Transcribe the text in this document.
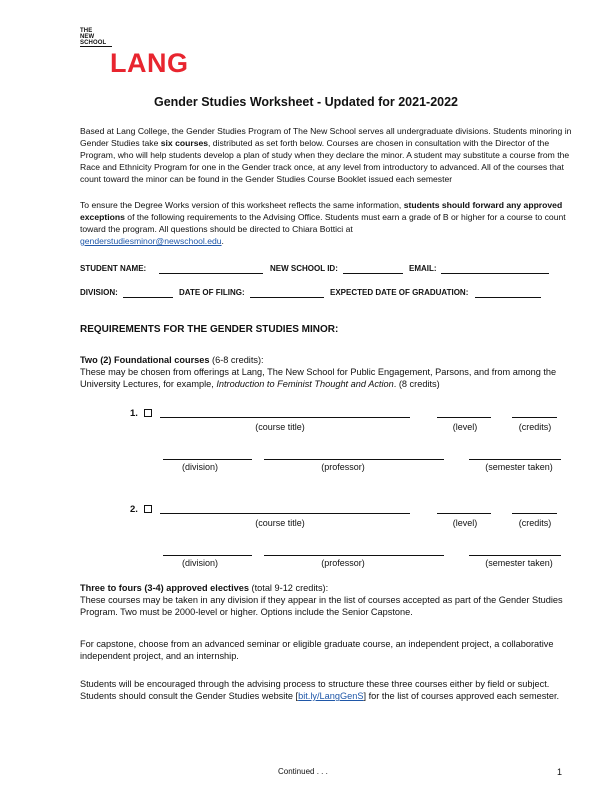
THE
NEW
SCHOOL
LANG
Gender Studies Worksheet - Updated for 2021-2022
Based at Lang College, the Gender Studies Program of The New School serves all undergraduate divisions. Students minoring in Gender Studies take six courses, distributed as set forth below. Courses are chosen in consultation with the Director of the Program, who will help students develop a plan of study when they declare the minor. A student may substitute a course from the Race and Ethnicity Program for one in the Gender track once, at any level from introductory to advanced. All of the courses that count toward the minor can be found in the Gender Studies Course Booklet issued each semester
To ensure the Degree Works version of this worksheet reflects the same information, students should forward any approved exceptions of the following requirements to the Advising Office. Students must earn a grade of B or higher for a course to count toward the program. All questions should be directed to Chiara Bottici at
genderstudiesminor@newschool.edu.
STUDENT NAME:	NEW SCHOOL ID:	EMAIL:
DIVISION:	DATE OF FILING:	EXPECTED DATE OF GRADUATION:
REQUIREMENTS FOR THE GENDER STUDIES MINOR:
Two (2) Foundational courses (6-8 credits):
These may be chosen from offerings at Lang, The New School for Public Engagement, Parsons, and from among the University Lectures, for example, Introduction to Feminist Thought and Action. (8 credits)
1.
(course title)	(level)	(credits)
(division)	(professor)	(semester taken)
2.
(course title)	(level)	(credits)
(division)	(professor)	(semester taken)
Three to fours (3-4) approved electives (total 9-12 credits):
These courses may be taken in any division if they appear in the list of courses accepted as part of the Gender Studies Program. Two must be 2000-level or higher. Options include the Senior Capstone.
For capstone, choose from an advanced seminar or eligible graduate course, an independent project, a collaborative independent project, and an internship.
Students will be encouraged through the advising process to structure these three courses either by field or subject. Students should consult the Gender Studies website [bit.ly/LangGenS] for the list of courses approved each semester.
Continued . . .	1
